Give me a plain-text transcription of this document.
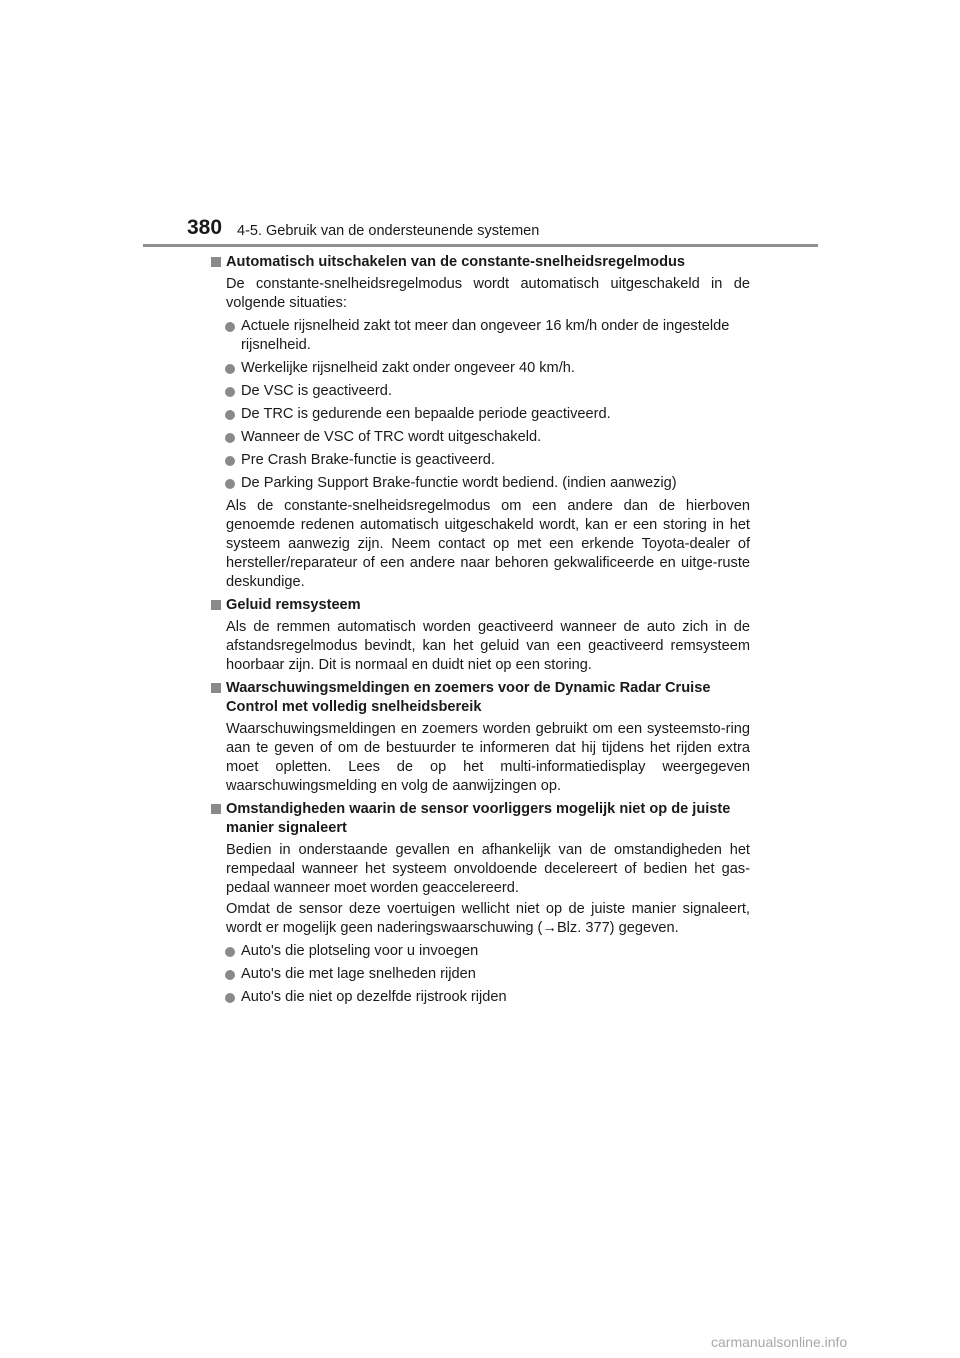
380 4-5. Gebruik van de ondersteunende systemen
Automatisch uitschakelen van de constante-snelheidsregelmodus
De constante-snelheidsregelmodus wordt automatisch uitgeschakeld in de volgende situaties:
Actuele rijsnelheid zakt tot meer dan ongeveer 16 km/h onder de ingestelde rijsnelheid.
Werkelijke rijsnelheid zakt onder ongeveer 40 km/h.
De VSC is geactiveerd.
De TRC is gedurende een bepaalde periode geactiveerd.
Wanneer de VSC of TRC wordt uitgeschakeld.
Pre Crash Brake-functie is geactiveerd.
De Parking Support Brake-functie wordt bediend. (indien aanwezig)
Als de constante-snelheidsregelmodus om een andere dan de hierboven genoemde redenen automatisch uitgeschakeld wordt, kan er een storing in het systeem aanwezig zijn. Neem contact op met een erkende Toyota-dealer of hersteller/reparateur of een andere naar behoren gekwalificeerde en uitge-ruste deskundige.
Geluid remsysteem
Als de remmen automatisch worden geactiveerd wanneer de auto zich in de afstandsregelmodus bevindt, kan het geluid van een geactiveerd remsysteem hoorbaar zijn. Dit is normaal en duidt niet op een storing.
Waarschuwingsmeldingen en zoemers voor de Dynamic Radar Cruise Control met volledig snelheidsbereik
Waarschuwingsmeldingen en zoemers worden gebruikt om een systeemsto-ring aan te geven of om de bestuurder te informeren dat hij tijdens het rijden extra moet opletten. Lees de op het multi-informatiedisplay weergegeven waarschuwingsmelding en volg de aanwijzingen op.
Omstandigheden waarin de sensor voorliggers mogelijk niet op de juiste manier signaleert
Bedien in onderstaande gevallen en afhankelijk van de omstandigheden het rempedaal wanneer het systeem onvoldoende decelereert of bedien het gas-pedaal wanneer moet worden geaccelereerd.
Omdat de sensor deze voertuigen wellicht niet op de juiste manier signaleert, wordt er mogelijk geen naderingswaarschuwing (→Blz. 377) gegeven.
Auto's die plotseling voor u invoegen
Auto's die met lage snelheden rijden
Auto's die niet op dezelfde rijstrook rijden
carmanualsonline.info
